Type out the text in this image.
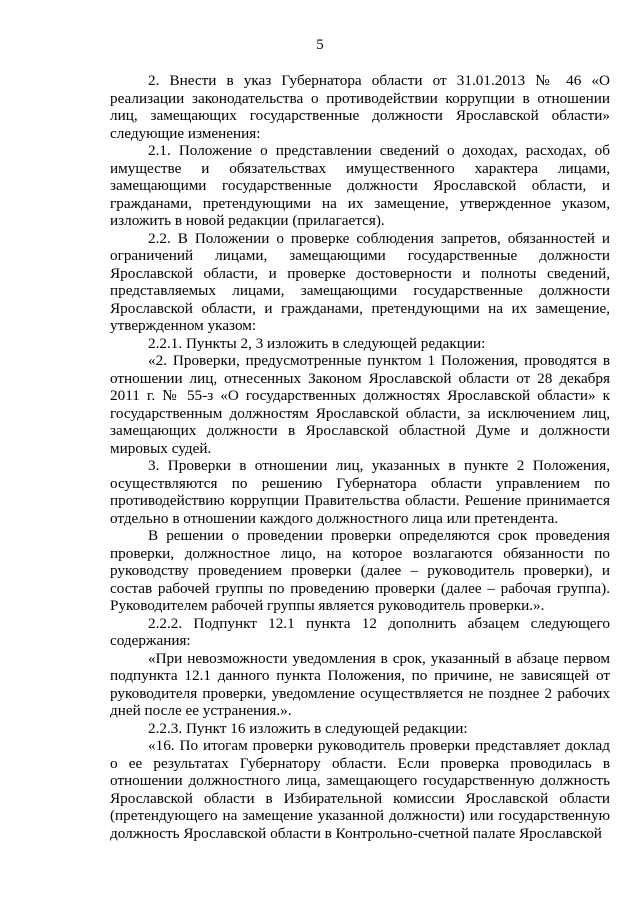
5

2. Внести в указ Губернатора области от 31.01.2013 № 46 «О реализации законодательства о противодействии коррупции в отношении лиц, замещающих государственные должности Ярославской области» следующие изменения:

2.1. Положение о представлении сведений о доходах, расходах, об имуществе и обязательствах имущественного характера лицами, замещающими государственные должности Ярославской области, и гражданами, претендующими на их замещение, утвержденное указом, изложить в новой редакции (прилагается).

2.2. В Положении о проверке соблюдения запретов, обязанностей и ограничений лицами, замещающими государственные должности Ярославской области, и проверке достоверности и полноты сведений, представляемых лицами, замещающими государственные должности Ярославской области, и гражданами, претендующими на их замещение, утвержденном указом:

2.2.1. Пункты 2, 3 изложить в следующей редакции:

«2. Проверки, предусмотренные пунктом 1 Положения, проводятся в отношении лиц, отнесенных Законом Ярославской области от 28 декабря 2011 г. № 55-з «О государственных должностях Ярославской области» к государственным должностям Ярославской области, за исключением лиц, замещающих должности в Ярославской областной Думе и должности мировых судей.

3. Проверки в отношении лиц, указанных в пункте 2 Положения, осуществляются по решению Губернатора области управлением по противодействию коррупции Правительства области. Решение принимается отдельно в отношении каждого должностного лица или претендента.

В решении о проведении проверки определяются срок проведения проверки, должностное лицо, на которое возлагаются обязанности по руководству проведением проверки (далее – руководитель проверки), и состав рабочей группы по проведению проверки (далее – рабочая группа). Руководителем рабочей группы является руководитель проверки.».

2.2.2. Подпункт 12.1 пункта 12 дополнить абзацем следующего содержания:

«При невозможности уведомления в срок, указанный в абзаце первом подпункта 12.1 данного пункта Положения, по причине, не зависящей от руководителя проверки, уведомление осуществляется не позднее 2 рабочих дней после ее устранения.».

2.2.3. Пункт 16 изложить в следующей редакции:

«16. По итогам проверки руководитель проверки представляет доклад о ее результатах Губернатору области. Если проверка проводилась в отношении должностного лица, замещающего государственную должность Ярославской области в Избирательной комиссии Ярославской области (претендующего на замещение указанной должности) или государственную должность Ярославской области в Контрольно-счетной палате Ярославской
